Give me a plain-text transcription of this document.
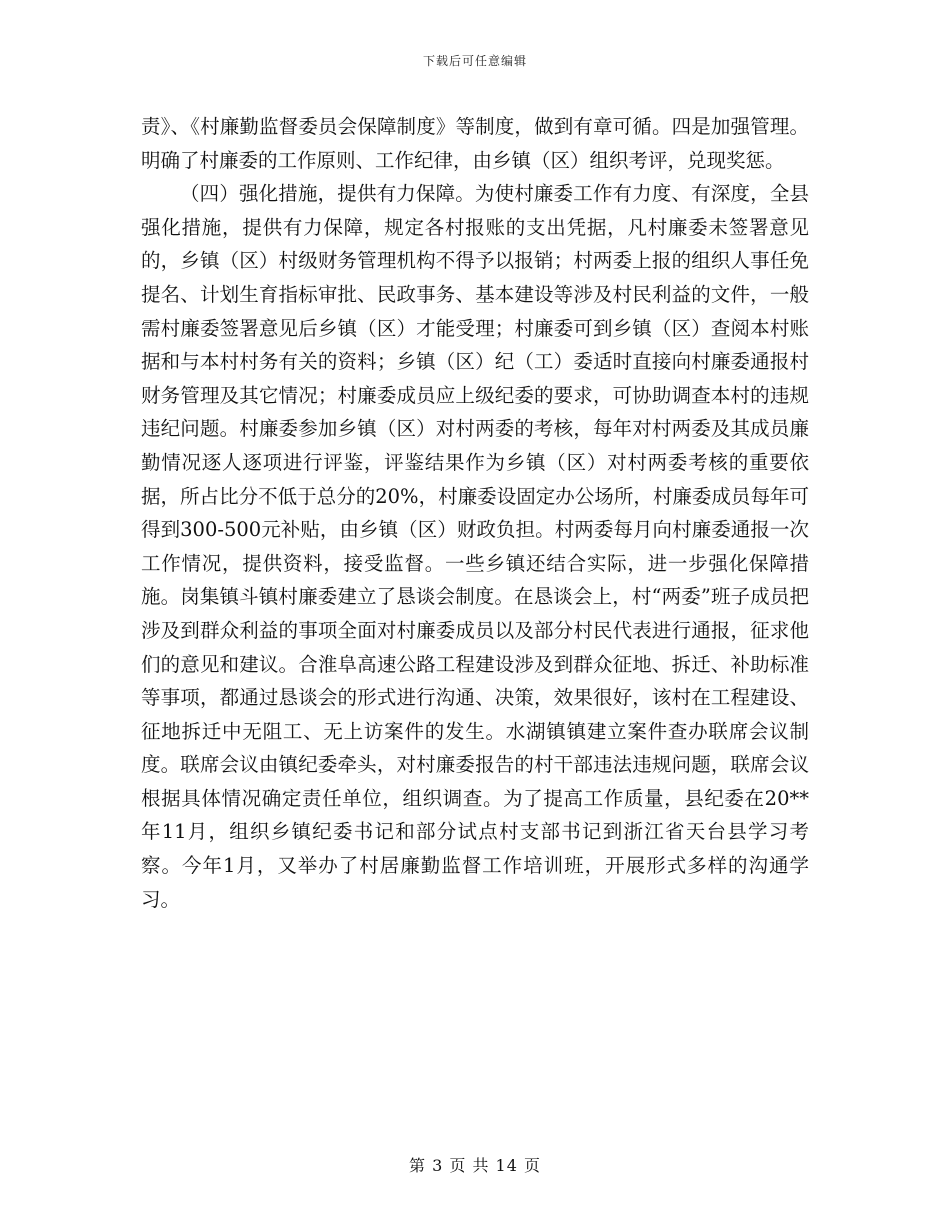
下载后可任意编辑

责》、《村廉勤监督委员会保障制度》等制度，做到有章可循。四是加强管理。明确了村廉委的工作原则、工作纪律，由乡镇（区）组织考评，兑现奖惩。

（四）强化措施，提供有力保障。为使村廉委工作有力度、有深度，全县强化措施，提供有力保障，规定各村报账的支出凭据，凡村廉委未签署意见的，乡镇（区）村级财务管理机构不得予以报销；村两委上报的组织人事任免提名、计划生育指标审批、民政事务、基本建设等涉及村民利益的文件，一般需村廉委签署意见后乡镇（区）才能受理；村廉委可到乡镇（区）查阅本村账据和与本村村务有关的资料；乡镇（区）纪（工）委适时直接向村廉委通报村财务管理及其它情况；村廉委成员应上级纪委的要求，可协助调查本村的违规违纪问题。村廉委参加乡镇（区）对村两委的考核，每年对村两委及其成员廉勤情况逐人逐项进行评鉴，评鉴结果作为乡镇（区）对村两委考核的重要依据，所占比分不低于总分的20%，村廉委设固定办公场所，村廉委成员每年可得到300-500元补贴，由乡镇（区）财政负担。村两委每月向村廉委通报一次工作情况，提供资料，接受监督。一些乡镇还结合实际，进一步强化保障措施。岗集镇斗镇村廉委建立了恳谈会制度。在恳谈会上，村“两委”班子成员把涉及到群众利益的事项全面对村廉委成员以及部分村民代表进行通报，征求他们的意见和建议。合淮阜高速公路工程建设涉及到群众征地、拆迁、补助标准等事项，都通过恳谈会的形式进行沟通、决策，效果很好，该村在工程建设、征地拆迁中无阻工、无上访案件的发生。水湖镇镇建立案件查办联席会议制度。联席会议由镇纪委牵头，对村廉委报告的村干部违法违规问题，联席会议根据具体情况确定责任单位，组织调查。为了提高工作质量，县纪委在20**年11月，组织乡镇纪委书记和部分试点村支部书记到浙江省天台县学习考察。今年1月，又举办了村居廉勤监督工作培训班，开展形式多样的沟通学习。

第 3 页 共 14 页
